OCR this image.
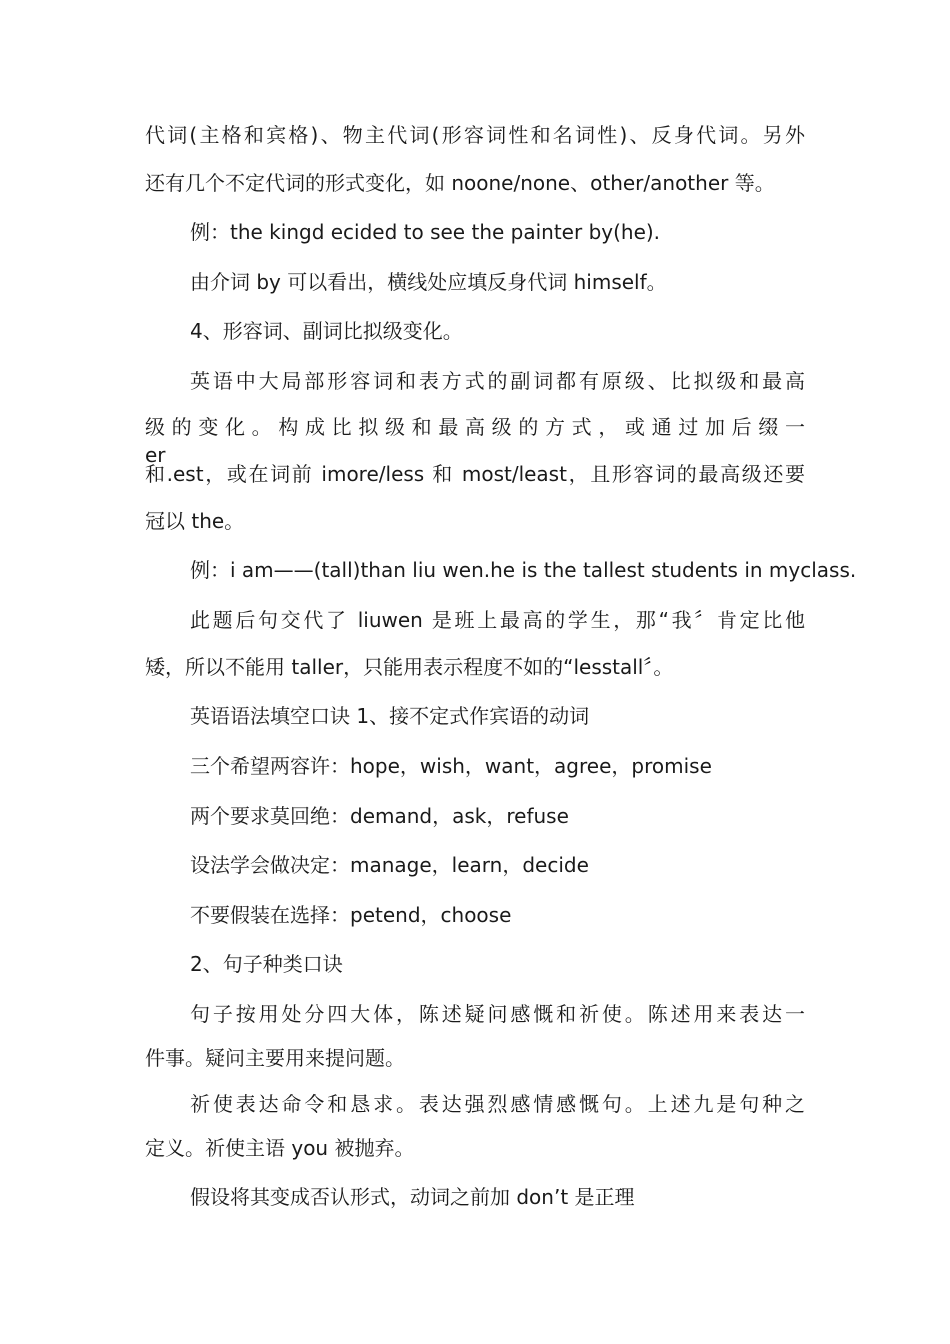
代词(主格和宾格)、物主代词(形容词性和名词性)、反身代词。另外
还有几个不定代词的形式变化，如 noone/none、other/another 等。
例：the kingd ecided to see the painter by(he).
由介词 by 可以看出，横线处应填反身代词 himself。
4、形容词、副词比拟级变化。
英语中大局部形容词和表方式的副词都有原级、比拟级和最高
级 的 变 化 。 构 成 比 拟 级 和 最 高 级 的 方 式 ， 或 通 过 加 后 缀 一 er
和.est，或在词前 imore/less 和 most/least，且形容词的最高级还要
冠以 the。
例：i am——(tall)than liu wen.he is the tallest students in myclass.
此题后句交代了 liuwen 是班上最高的学生，那“我〞肯定比他
矮，所以不能用 taller，只能用表示程度不如的“lesstall〞。
英语语法填空口诀 1、接不定式作宾语的动词
三个希望两容许：hope，wish，want，agree，promise
两个要求莫回绝：demand，ask，refuse
设法学会做决定：manage，learn，decide
不要假装在选择：petend，choose
2、句子种类口诀
句子按用处分四大体，陈述疑问感慨和祈使。陈述用来表达一
件事。疑问主要用来提问题。
祈使表达命令和恳求。表达强烈感情感慨句。上述九是句种之
定义。祈使主语 you 被抛弃。
假设将其变成否认形式，动词之前加 don’t 是正理
